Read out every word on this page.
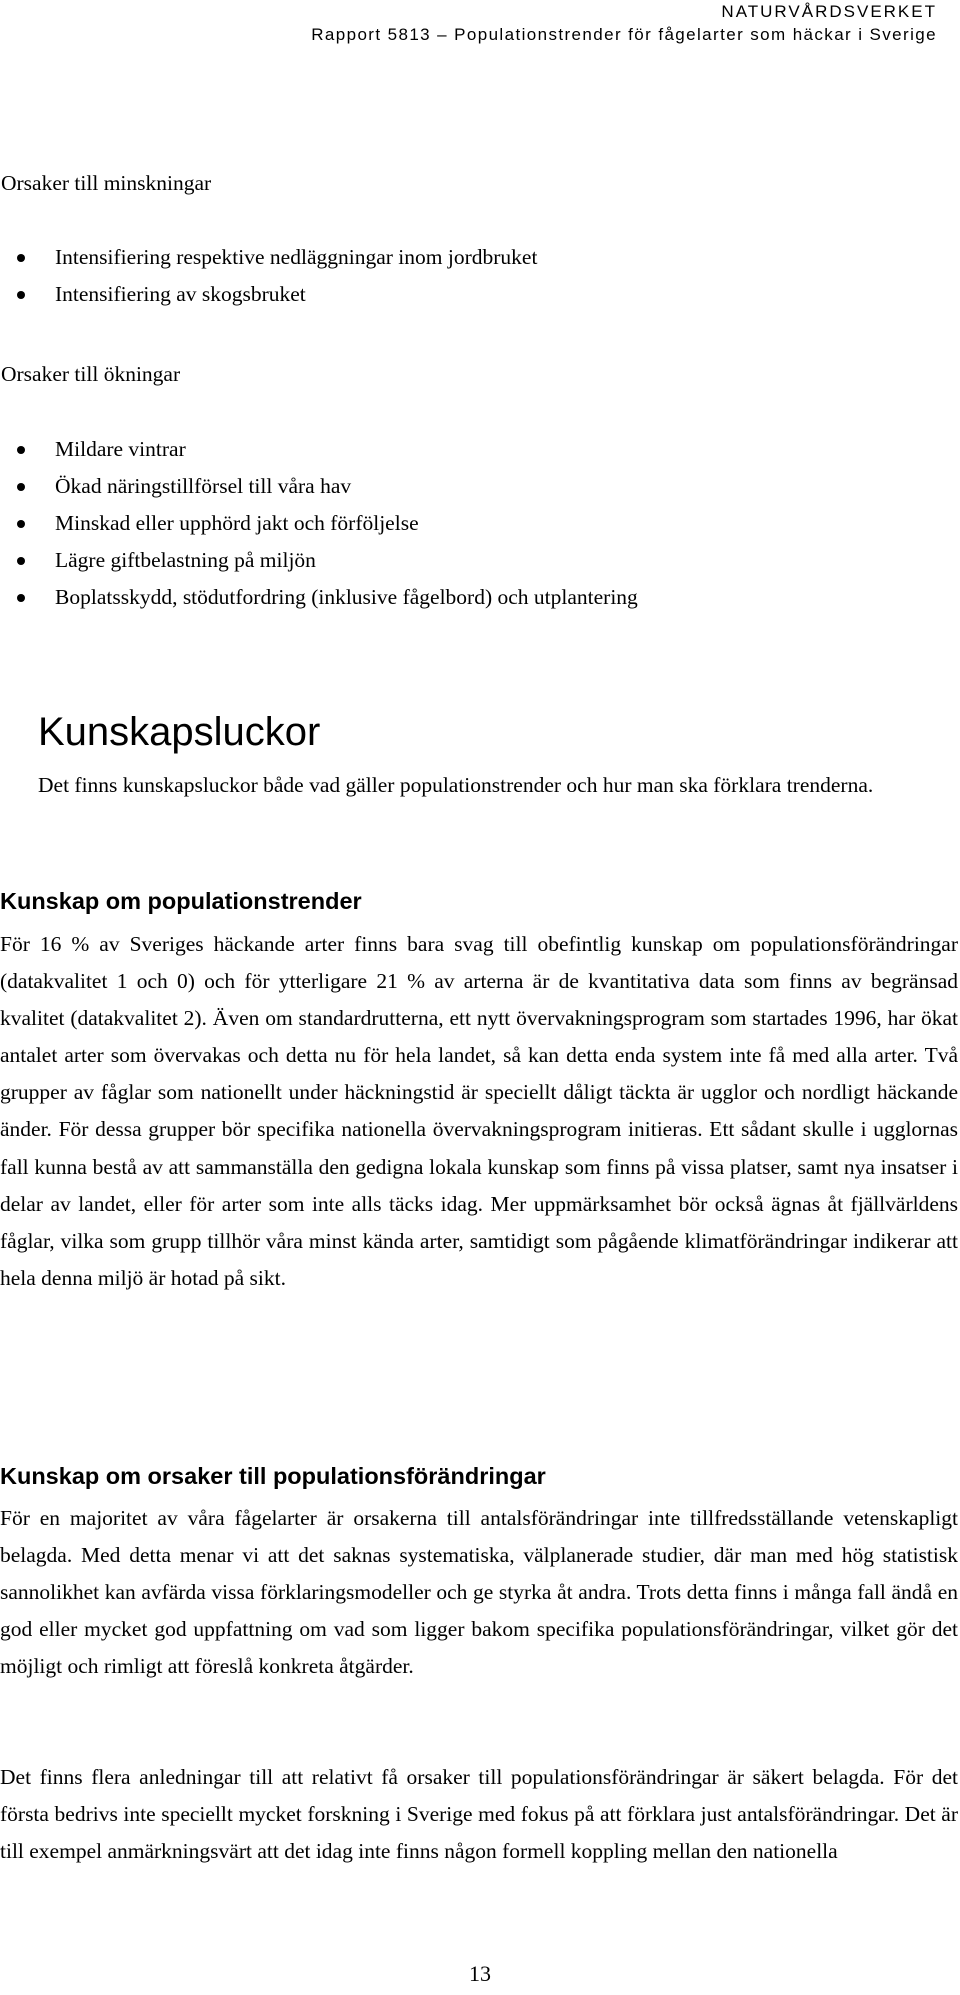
NATURVÅRDSVERKET
Rapport 5813 – Populationstrender för fågelarter som häckar i Sverige
Orsaker till minskningar
Intensifiering respektive nedläggningar inom jordbruket
Intensifiering av skogsbruket
Orsaker till ökningar
Mildare vintrar
Ökad näringstillförsel till våra hav
Minskad eller upphörd jakt och förföljelse
Lägre giftbelastning på miljön
Boplatsskydd, stödutfordring (inklusive fågelbord) och utplantering
Kunskapsluckor

Det finns kunskapsluckor både vad gäller populationstrender och hur man ska förklara trenderna.

Kunskap om populationstrender

För 16 % av Sveriges häckande arter finns bara svag till obefintlig kunskap om populationsförändringar (datakvalitet 1 och 0) och för ytterligare 21 % av arterna är de kvantitativa data som finns av begränsad kvalitet (datakvalitet 2). Även om standardrutterna, ett nytt övervakningsprogram som startades 1996, har ökat antalet arter som övervakas och detta nu för hela landet, så kan detta enda system inte få med alla arter. Två grupper av fåglar som nationellt under häckningstid är speciellt dåligt täckta är ugglor och nordligt häckande änder. För dessa grupper bör specifika nationella övervakningsprogram initieras. Ett sådant skulle i ugglornas fall kunna bestå av att sammanställa den gedigna lokala kunskap som finns på vissa platser, samt nya insatser i delar av landet, eller för arter som inte alls täcks idag. Mer uppmärksamhet bör också ägnas åt fjällvärldens fåglar, vilka som grupp tillhör våra minst kända arter, samtidigt som pågående klimatförändringar indikerar att hela denna miljö är hotad på sikt.

Kunskap om orsaker till populationsförändringar

För en majoritet av våra fågelarter är orsakerna till antalsförändringar inte tillfredsställande vetenskapligt belagda. Med detta menar vi att det saknas systematiska, välplanerade studier, där man med hög statistisk sannolikhet kan avfärda vissa förklaringsmodeller och ge styrka åt andra. Trots detta finns i många fall ändå en god eller mycket god uppfattning om vad som ligger bakom specifika populationsförändringar, vilket gör det möjligt och rimligt att föreslå konkreta åtgärder.

Det finns flera anledningar till att relativt få orsaker till populationsförändringar är säkert belagda. För det första bedrivs inte speciellt mycket forskning i Sverige med fokus på att förklara just antalsförändringar. Det är till exempel anmärkningsvärt att det idag inte finns någon formell koppling mellan den nationella

13
